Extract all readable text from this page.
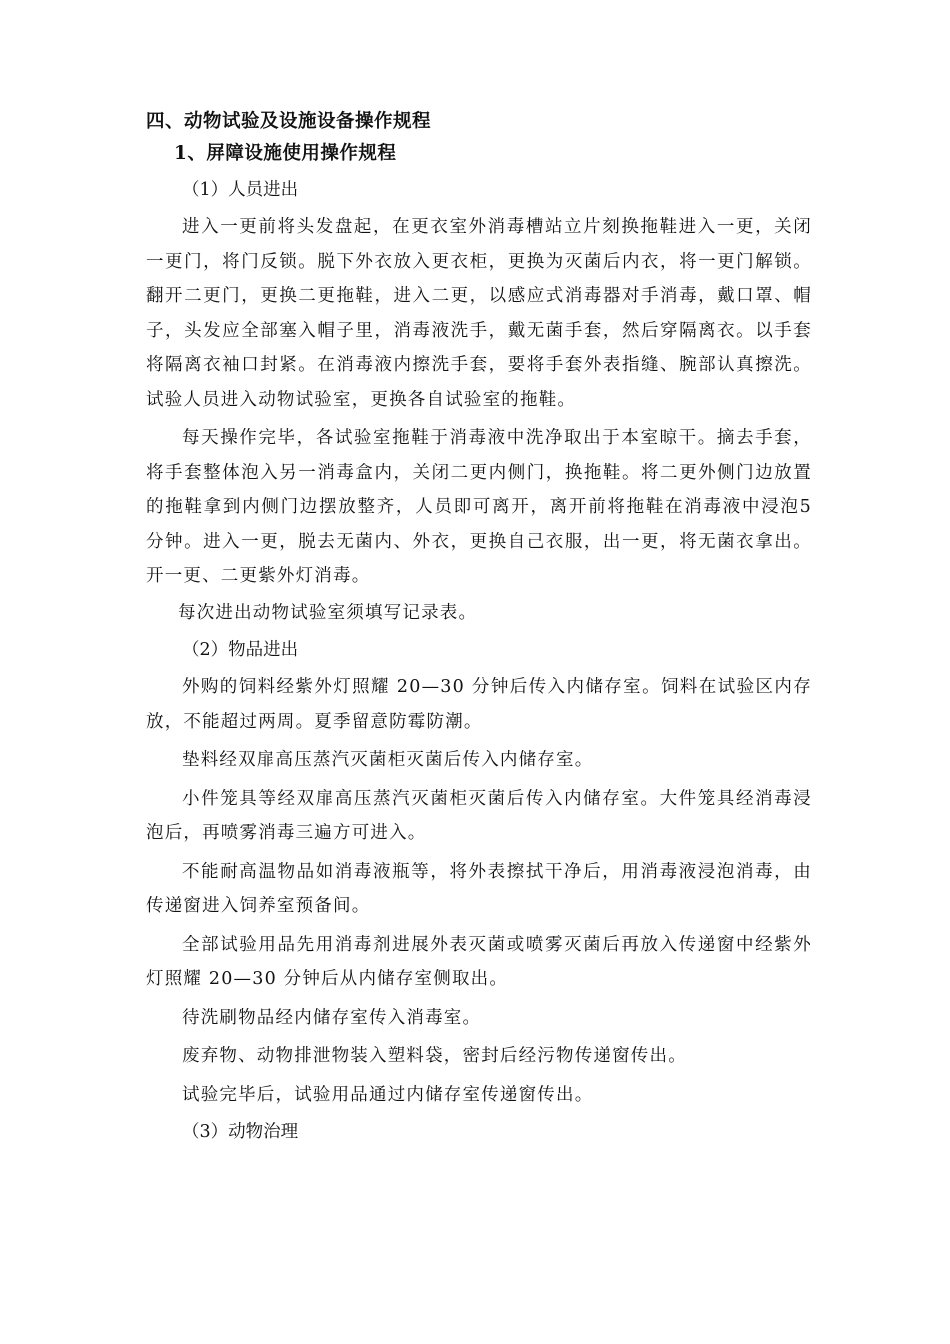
四、动物试验及设施设备操作规程

1、屏障设施使用操作规程

（1）人员进出

进入一更前将头发盘起，在更衣室外消毒槽站立片刻换拖鞋进入一更，关闭一更门，将门反锁。脱下外衣放入更衣柜，更换为灭菌后内衣，将一更门解锁。翻开二更门，更换二更拖鞋，进入二更，以感应式消毒器对手消毒，戴口罩、帽子，头发应全部塞入帽子里，消毒液洗手，戴无菌手套，然后穿隔离衣。以手套将隔离衣袖口封紧。在消毒液内擦洗手套，要将手套外表指缝、腕部认真擦洗。试验人员进入动物试验室，更换各自试验室的拖鞋。

每天操作完毕，各试验室拖鞋于消毒液中洗净取出于本室晾干。摘去手套，将手套整体泡入另一消毒盒内，关闭二更内侧门，换拖鞋。将二更外侧门边放置的拖鞋拿到内侧门边摆放整齐，人员即可离开，离开前将拖鞋在消毒液中浸泡5分钟。进入一更，脱去无菌内、外衣，更换自己衣服，出一更，将无菌衣拿出。开一更、二更紫外灯消毒。

每次进出动物试验室须填写记录表。

（2）物品进出

外购的饲料经紫外灯照耀 20—30 分钟后传入内储存室。饲料在试验区内存放，不能超过两周。夏季留意防霉防潮。

垫料经双扉高压蒸汽灭菌柜灭菌后传入内储存室。

小件笼具等经双扉高压蒸汽灭菌柜灭菌后传入内储存室。大件笼具经消毒浸泡后，再喷雾消毒三遍方可进入。

不能耐高温物品如消毒液瓶等，将外表擦拭干净后，用消毒液浸泡消毒，由传递窗进入饲养室预备间。

全部试验用品先用消毒剂进展外表灭菌或喷雾灭菌后再放入传递窗中经紫外灯照耀 20—30 分钟后从内储存室侧取出。

待洗刷物品经内储存室传入消毒室。

废弃物、动物排泄物装入塑料袋，密封后经污物传递窗传出。

试验完毕后，试验用品通过内储存室传递窗传出。

（3）动物治理
